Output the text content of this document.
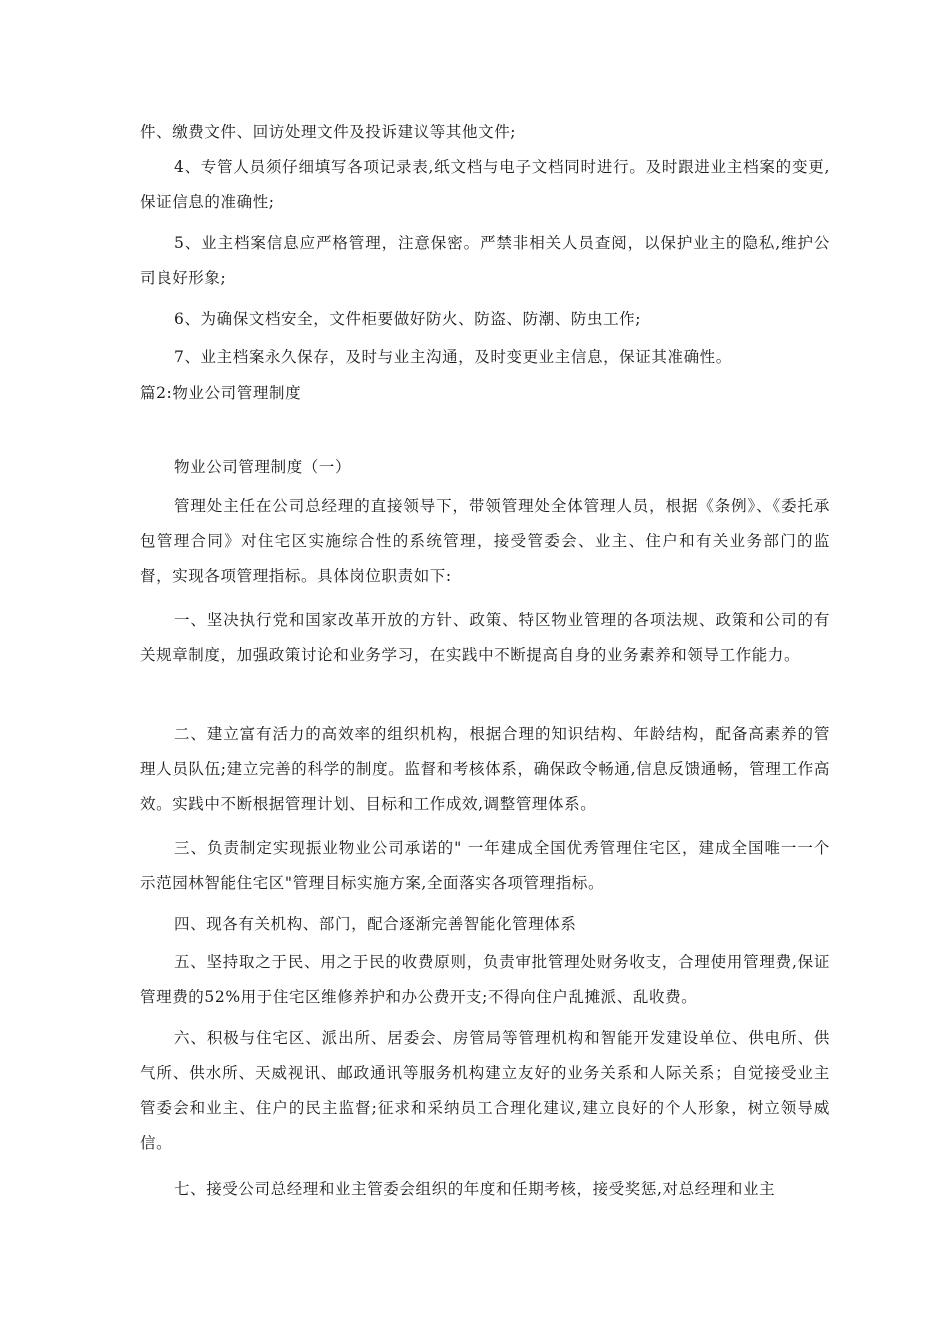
件、缴费文件、回访处理文件及投诉建议等其他文件;

4、专管人员须仔细填写各项记录表,纸文档与电子文档同时进行。及时跟进业主档案的变更,保证信息的准确性;

5、业主档案信息应严格管理，注意保密。严禁非相关人员查阅，以保护业主的隐私,维护公司良好形象;

6、为确保文档安全，文件柜要做好防火、防盗、防潮、防虫工作;

7、业主档案永久保存，及时与业主沟通，及时变更业主信息，保证其准确性。

篇2:物业公司管理制度

物业公司管理制度（一）

管理处主任在公司总经理的直接领导下，带领管理处全体管理人员，根据《条例》、《委托承包管理合同》对住宅区实施综合性的系统管理，接受管委会、业主、住户和有关业务部门的监督，实现各项管理指标。具体岗位职责如下:

一、坚决执行党和国家改革开放的方针、政策、特区物业管理的各项法规、政策和公司的有关规章制度，加强政策讨论和业务学习，在实践中不断提高自身的业务素养和领导工作能力。

二、建立富有活力的高效率的组织机构，根据合理的知识结构、年龄结构，配备高素养的管理人员队伍;建立完善的科学的制度。监督和考核体系，确保政令畅通,信息反馈通畅，管理工作高效。实践中不断根据管理计划、目标和工作成效,调整管理体系。

三、负责制定实现振业物业公司承诺的" 一年建成全国优秀管理住宅区，建成全国唯一一个示范园林智能住宅区"管理目标实施方案,全面落实各项管理指标。

四、现各有关机构、部门，配合逐渐完善智能化管理体系

五、坚持取之于民、用之于民的收费原则，负责审批管理处财务收支，合理使用管理费,保证管理费的52%用于住宅区维修养护和办公费开支;不得向住户乱摊派、乱收费。

六、积极与住宅区、派出所、居委会、房管局等管理机构和智能开发建设单位、供电所、供气所、供水所、天威视讯、邮政通讯等服务机构建立友好的业务关系和人际关系；自觉接受业主管委会和业主、住户的民主监督;征求和采纳员工合理化建议,建立良好的个人形象，树立领导威信。

七、接受公司总经理和业主管委会组织的年度和任期考核，接受奖惩,对总经理和业主
